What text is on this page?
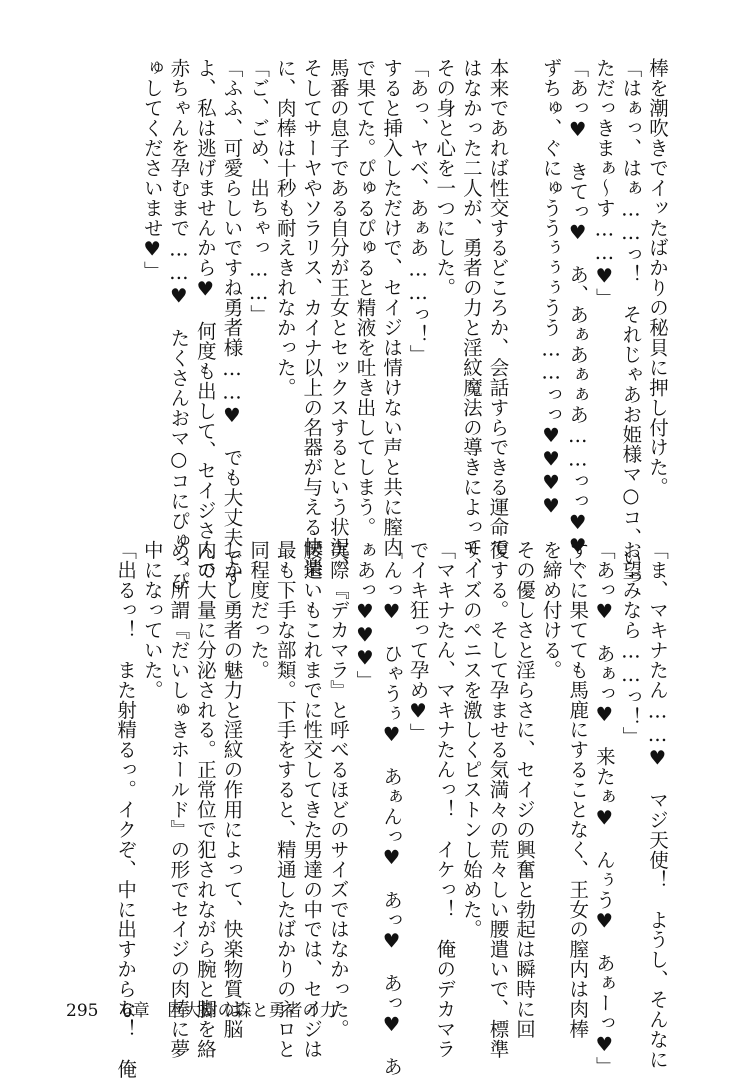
棒を潮吹きでイッたばかりの秘貝に押し付けた。
「はぁっ、はぁ……っ！　それじゃあお姫様マ○コ、いっ
ただっきまぁ〜す……♥」
「あっ♥　きてっ♥　あ、あぁあぁぁあ……っっ♥♥」
ずちゅ、ぐにゅううぅぅぅうう……っっ♥♥♥♥

本来であれば性交するどころか、会話すらできる運命で
はなかった二人が、勇者の力と淫紋魔法の導きによって、
その身と心を一つにした。
「あっ、ヤベ、あぁあ……っ！」
すると挿入しただけで、セイジは情けない声と共に膣内
で果てた。ぴゅるぴゅると精液を吐き出してしまう。
馬番の息子である自分が王女とセックスするという状況、
そしてサーヤやソラリス、カイナ以上の名器が与える快楽
に、肉棒は十秒も耐えきれなかった。
「ご、ごめ、出ちゃっ……」
「ふふ、可愛らしいですね勇者様……♥　でも大丈夫です
よ、私は逃げませんから♥　何度も出して、セイジさんの
赤ちゃんを孕むまで……♥　たくさんおマ○コにぴゅっぴ
ゅしてくださいませ♥」
「ま、マキナたん……♥　マジ天使！　ようし、そんなに
お望みなら……っ！」
「あっ♥　あぁっ♥　来たぁ♥　んぅう♥　あぁーっ♥」
すぐに果てても馬鹿にすることなく、王女の膣内は肉棒
を締め付ける。
その優しさと淫らさに、セイジの興奮と勃起は瞬時に回
復する。そして孕ませる気満々の荒々しい腰遣いで、標準
サイズのペニスを激しくピストンし始めた。
「マキナたん、マキナたんっ！　イケっ！　俺のデカマラ
でイキ狂って孕め♥」
「んっ♥　ひゃうぅ♥　あぁんっ♥　あっ♥　あっ♥　あ
ぁあっ♥♥♥」
実際『デカマラ』と呼べるほどのサイズではなかった。
腰遣いもこれまでに性交してきた男達の中では、セイジは
最も下手な部類。下手をすると、精通したばかりのネロと
同程度だった。
しかし勇者の魅力と淫紋の作用によって、快楽物質は脳
内で大量に分泌される。正常位で犯されながら腕と脚を絡
め、所謂『だいしゅきホールド』の形でセイジの肉棒に夢
中になっていた。
「出るっ！　また射精るっ。イクぞ、中に出すからな！　俺
295 6章　巨大樹の森と勇者の力
